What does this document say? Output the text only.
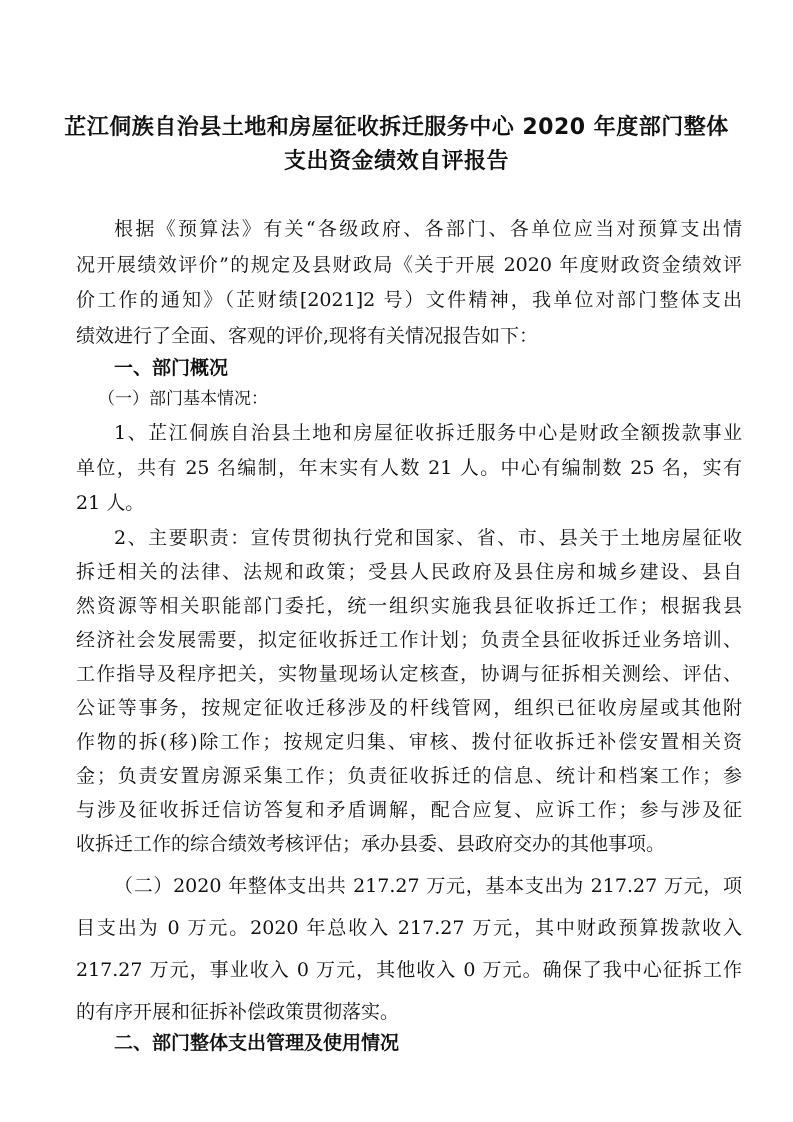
芷江侗族自治县土地和房屋征收拆迁服务中心 2020 年度部门整体
支出资金绩效自评报告
根据《预算法》有关“各级政府、各部门、各单位应当对预算支出情
况开展绩效评价”的规定及县财政局《关于开展 2020 年度财政资金绩效评
价工作的通知》（芷财绩[2021]2 号）文件精神，我单位对部门整体支出
绩效进行了全面、客观的评价,现将有关情况报告如下：
一、部门概况
（一）部门基本情况：
1、芷江侗族自治县土地和房屋征收拆迁服务中心是财政全额拨款事业
单位，共有 25 名编制，年末实有人数 21 人。中心有编制数 25 名，实有
21 人。
2、主要职责：宣传贯彻执行党和国家、省、市、县关于土地房屋征收
拆迁相关的法律、法规和政策；受县人民政府及县住房和城乡建设、县自
然资源等相关职能部门委托，统一组织实施我县征收拆迁工作；根据我县
经济社会发展需要，拟定征收拆迁工作计划；负责全县征收拆迁业务培训、
工作指导及程序把关，实物量现场认定核查，协调与征拆相关测绘、评估、
公证等事务，按规定征收迁移涉及的杆线管网，组织已征收房屋或其他附
作物的拆(移)除工作；按规定归集、审核、拨付征收拆迁补偿安置相关资
金；负责安置房源采集工作；负责征收拆迁的信息、统计和档案工作；参
与涉及征收拆迁信访答复和矛盾调解，配合应复、应诉工作；参与涉及征
收拆迁工作的综合绩效考核评估；承办县委、县政府交办的其他事项。
（二）2020 年整体支出共 217.27 万元，基本支出为 217.27 万元，项
目支出为 0 万元。2020 年总收入 217.27 万元，其中财政预算拨款收入
217.27 万元，事业收入 0 万元，其他收入 0 万元。确保了我中心征拆工作
的有序开展和征拆补偿政策贯彻落实。
二、部门整体支出管理及使用情况
